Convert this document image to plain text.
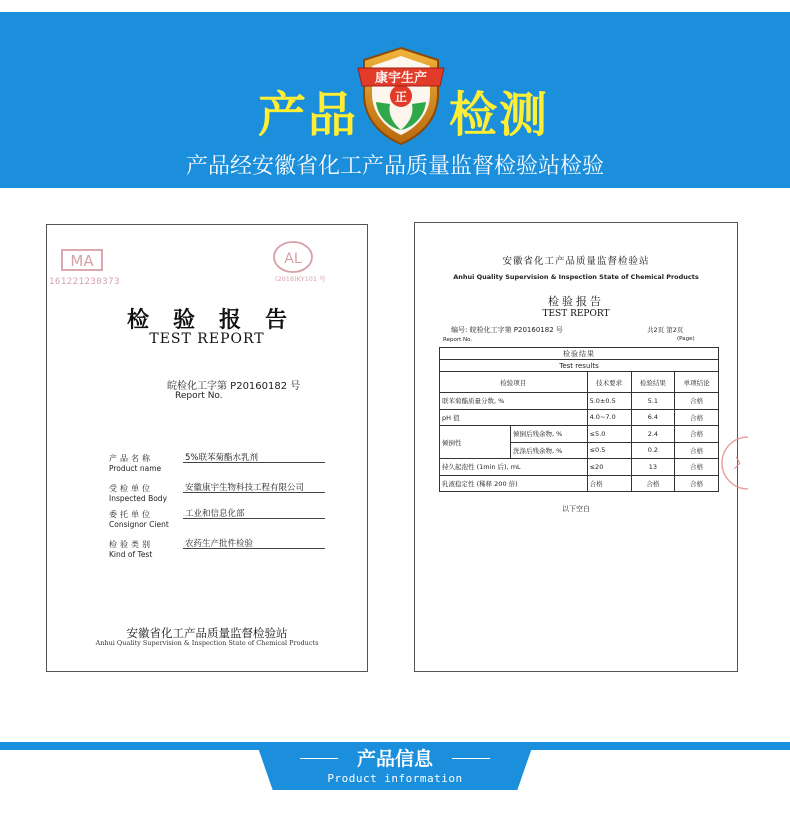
产品 检测
正
康宇生产
产品经安徽省化工产品质量监督检验站检验
MA
161221230373
AL
(2016)KY101 号
检验报告
TEST REPORT
皖检化工字第 P20160182 号
Report No.
产品名称
Product name
5%联苯菊酯水乳剂
受检单位
Inspected Body
安徽康宇生物科技工程有限公司
委托单位
Consignor Cient
工业和信息化部
检验类别
Kind of Test
农药生产批件检验
安徽省化工产品质量监督检验站
Anhui Quality Supervision & Inspection State of Chemical Products
安徽省化工产品质量监督检验站
Anhui Quality Supervision & Inspection State of Chemical Products
检验报告
TEST REPORT
编号: 皖检化工字第 P20160182 号
Report No.
共2页 第2页
(Page)
检验结果				
Test results				
检验项目		技术要求	检验结果	单项结论
联苯菊酯质量分数, %		5.0±0.5	5.1	合格
pH 值		4.0~7.0	6.4	合格
倾倒性	倾倒后残余物, %	≤5.0	2.4	合格
	洗涤后残余物, %	≤0.5	0.2	合格
持久起泡性 (1min 后), mL		≤20	13	合格
乳液稳定性 (稀释 200 倍)		合格	合格	合格
以下空白
产品信息
Product information
